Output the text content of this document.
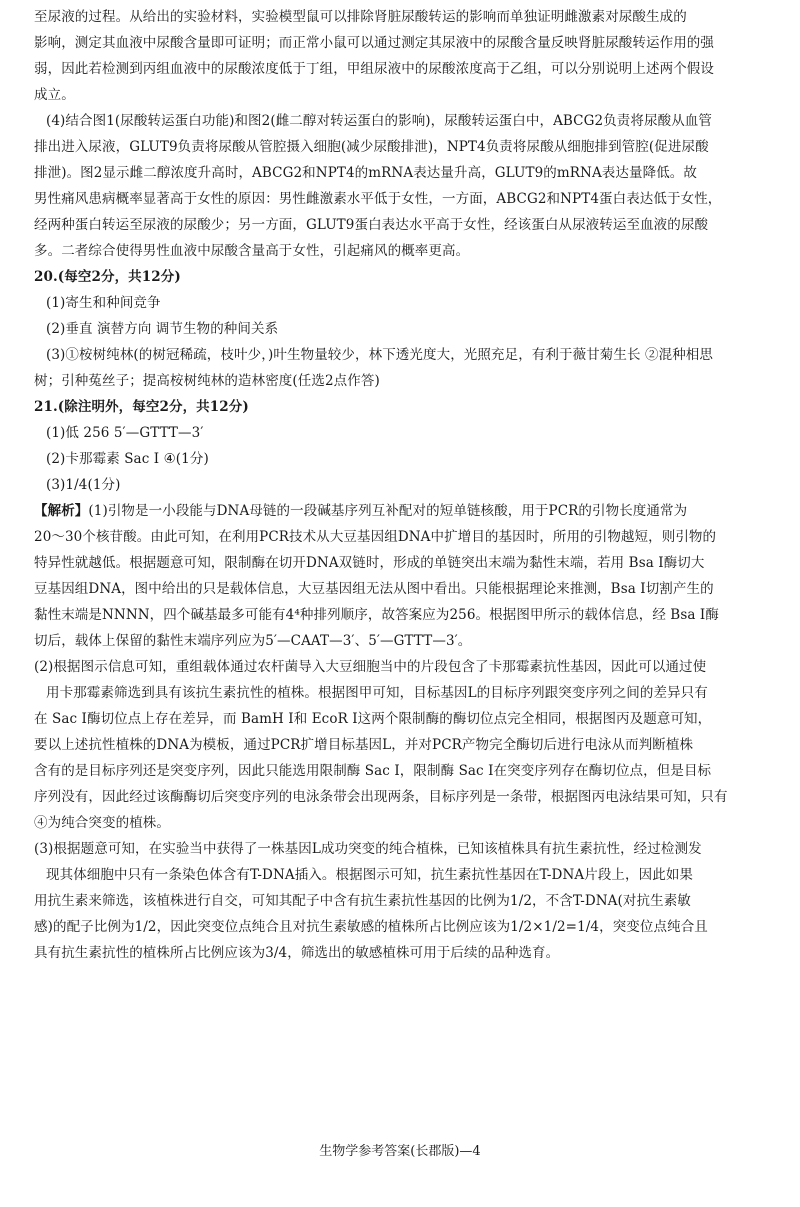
至尿液的过程。从给出的实验材料，实验模型鼠可以排除肾脏尿酸转运的影响而单独证明雌激素对尿酸生成的

影响，测定其血液中尿酸含量即可证明；而正常小鼠可以通过测定其尿液中的尿酸含量反映肾脏尿酸转运作用的强

弱，因此若检测到丙组血液中的尿酸浓度低于丁组，甲组尿液中的尿酸浓度高于乙组，可以分别说明上述两个假设

成立。

(4)结合图1(尿酸转运蛋白功能)和图2(雌二醇对转运蛋白的影响)，尿酸转运蛋白中，ABCG2负责将尿酸从血管

排出进入尿液，GLUT9负责将尿酸从管腔摄入细胞(减少尿酸排泄)，NPT4负责将尿酸从细胞排到管腔(促进尿酸

排泄)。图2显示雌二醇浓度升高时，ABCG2和NPT4的mRNA表达量升高，GLUT9的mRNA表达量降低。故

男性痛风患病概率显著高于女性的原因：男性雌激素水平低于女性，一方面，ABCG2和NPT4蛋白表达低于女性，

经两种蛋白转运至尿液的尿酸少；另一方面，GLUT9蛋白表达水平高于女性，经该蛋白从尿液转运至血液的尿酸

多。二者综合使得男性血液中尿酸含量高于女性，引起痛风的概率更高。

20.(每空2分，共12分)

(1)寄生和种间竞争

(2)垂直 演替方向 调节生物的种间关系

(3)①桉树纯林(的树冠稀疏，枝叶少，)叶生物量较少，林下透光度大，光照充足，有利于薇甘菊生长 ②混种相思

树；引种菟丝子；提高桉树纯林的造林密度(任选2点作答)

21.(除注明外，每空2分，共12分)

(1)低 256 5′—GTTT—3′

(2)卡那霉素 Sac Ⅰ ④(1分)

(3)1/4(1分)

【解析】(1)引物是一小段能与DNA母链的一段碱基序列互补配对的短单链核酸，用于PCR的引物长度通常为

20～30个核苷酸。由此可知，在利用PCR技术从大豆基因组DNA中扩增目的基因时，所用的引物越短，则引物的

特异性就越低。根据题意可知，限制酶在切开DNA双链时，形成的单链突出末端为黏性末端，若用 Bsa Ⅰ酶切大

豆基因组DNA，图中给出的只是载体信息，大豆基因组无法从图中看出。只能根据理论来推测，Bsa Ⅰ切割产生的

黏性末端是NNNN，四个碱基最多可能有4⁴种排列顺序，故答案应为256。根据图甲所示的载体信息，经 Bsa Ⅰ酶

切后，载体上保留的黏性末端序列应为5′—CAAT—3′、5′—GTTT—3′。

(2)根据图示信息可知，重组载体通过农杆菌导入大豆细胞当中的片段包含了卡那霉素抗性基因，因此可以通过使

用卡那霉素筛选到具有该抗生素抗性的植株。根据图甲可知，目标基因L的目标序列跟突变序列之间的差异只有

在 Sac Ⅰ酶切位点上存在差异，而 BamH Ⅰ和 EcoR Ⅰ这两个限制酶的酶切位点完全相同，根据图丙及题意可知，

要以上述抗性植株的DNA为模板，通过PCR扩增目标基因L，并对PCR产物完全酶切后进行电泳从而判断植株

含有的是目标序列还是突变序列，因此只能选用限制酶 Sac Ⅰ，限制酶 Sac Ⅰ在突变序列存在酶切位点，但是目标

序列没有，因此经过该酶酶切后突变序列的电泳条带会出现两条，目标序列是一条带，根据图丙电泳结果可知，只有

④为纯合突变的植株。

(3)根据题意可知，在实验当中获得了一株基因L成功突变的纯合植株，已知该植株具有抗生素抗性，经过检测发

现其体细胞中只有一条染色体含有T-DNA插入。根据图示可知，抗生素抗性基因在T-DNA片段上，因此如果

用抗生素来筛选，该植株进行自交，可知其配子中含有抗生素抗性基因的比例为1/2，不含T-DNA(对抗生素敏

感)的配子比例为1/2，因此突变位点纯合且对抗生素敏感的植株所占比例应该为1/2×1/2=1/4，突变位点纯合且

具有抗生素抗性的植株所占比例应该为3/4，筛选出的敏感植株可用于后续的品种选育。

生物学参考答案(长郡版)—4
